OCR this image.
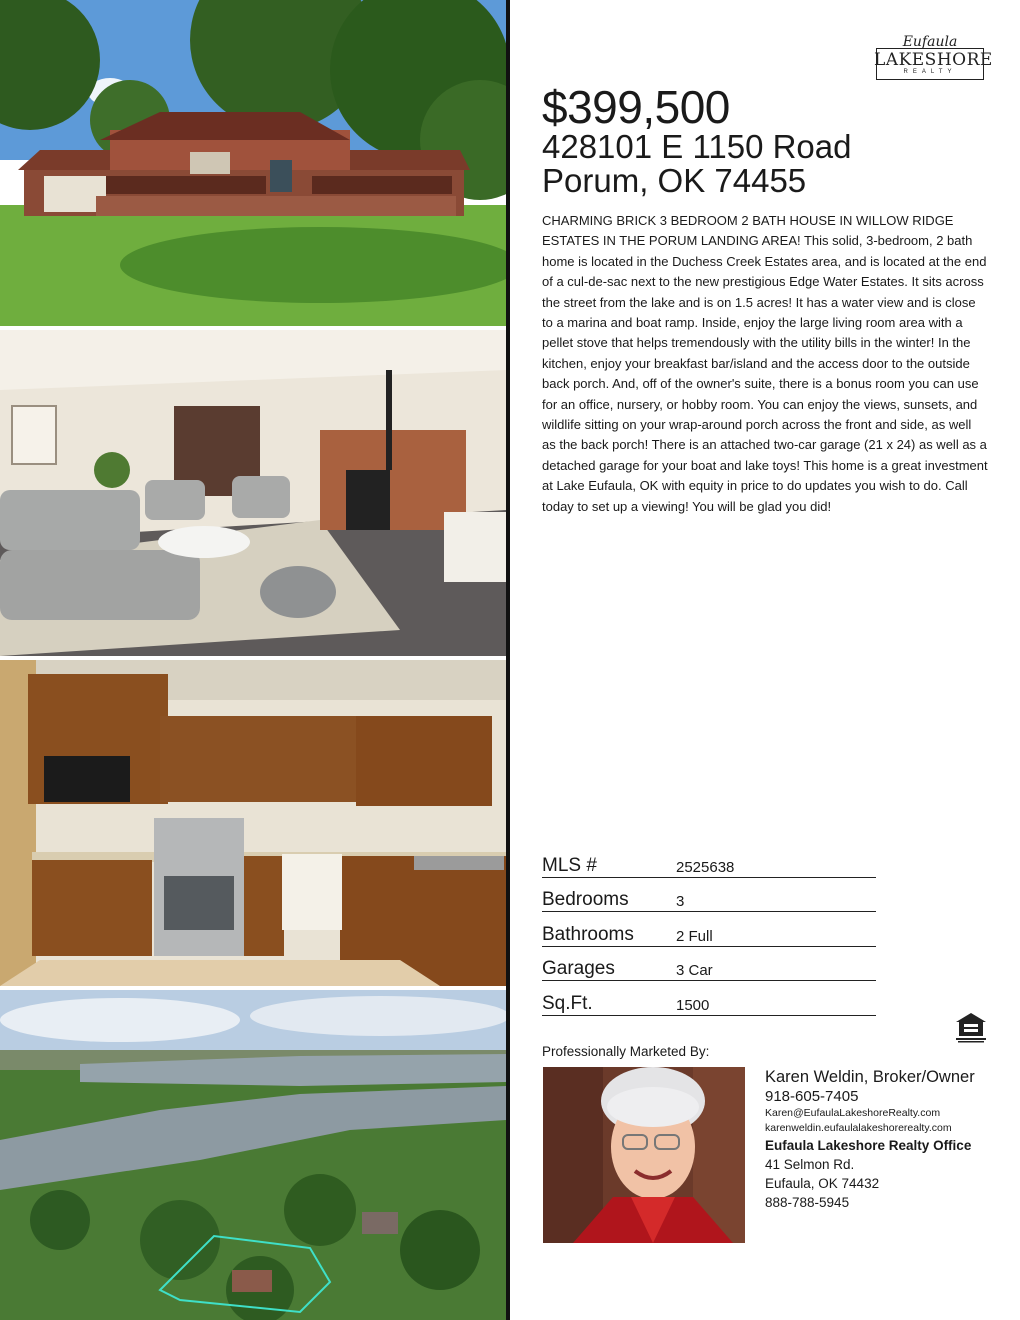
Eufaula
LAKESHORE
REALTY
$399,500
428101 E 1150 Road
Porum, OK 74455
CHARMING BRICK 3 BEDROOM 2 BATH HOUSE IN WILLOW RIDGE ESTATES IN THE PORUM LANDING AREA! This solid, 3-bedroom, 2 bath home is located in the Duchess Creek Estates area, and is located at the end of a cul-de-sac next to the new prestigious Edge Water Estates. It sits across the street from the lake and is on 1.5 acres! It has a water view and is close to a marina and boat ramp. Inside, enjoy the large living room area with a pellet stove that helps tremendously with the utility bills in the winter! In the kitchen, enjoy your breakfast bar/island and the access door to the outside back porch. And, off of the owner's suite, there is a bonus room you can use for an office, nursery, or hobby room. You can enjoy the views, sunsets, and wildlife sitting on your wrap-around porch across the front and side, as well as the back porch! There is an attached two-car garage (21 x 24) as well as a detached garage for your boat and lake toys! This home is a great investment at Lake Eufaula, OK with equity in price to do updates you wish to do. Call today to set up a viewing! You will be glad you did!
MLS #	2525638
Bedrooms	3
Bathrooms	2 Full
Garages	3 Car
Sq.Ft.	1500
Professionally Marketed By:
Karen Weldin, Broker/Owner
918-605-7405
Karen@EufaulaLakeshoreRealty.com
karenweldin.eufaulalakeshorerealty.com
Eufaula Lakeshore Realty Office
41 Selmon Rd.
Eufaula, OK 74432
888-788-5945
